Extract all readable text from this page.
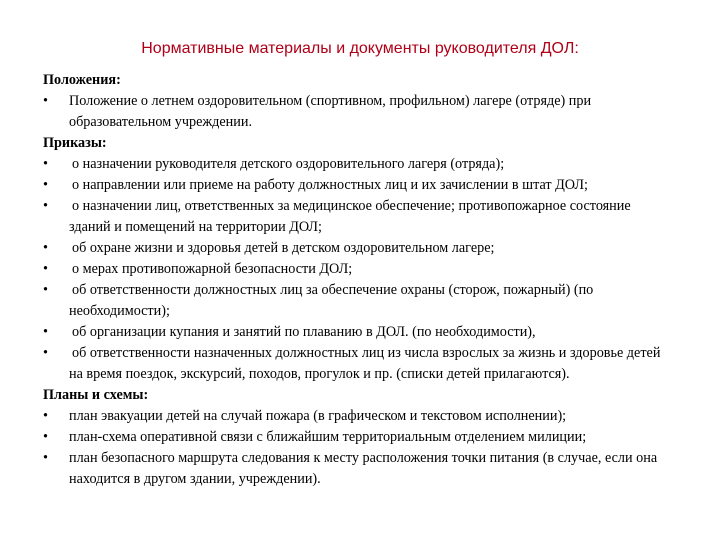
Нормативные материалы и документы руководителя ДОЛ:
Положения:
• Положение о летнем оздоровительном (спортивном, профильном) лагере (отряде) при образовательном учреждении.
Приказы:
• о назначении руководителя детского оздоровительного лагеря (отряда);
• о направлении или приеме на работу должностных лиц и их зачислении в штат ДОЛ;
• о назначении лиц, ответственных за медицинское обеспечение; противопожарное состояние зданий и помещений на территории ДОЛ;
• об охране жизни и здоровья детей в детском оздоровительном лагере;
• о мерах противопожарной безопасности ДОЛ;
• об ответственности должностных лиц за обеспечение охраны (сторож, пожарный) (по необходимости);
• об организации купания и занятий по плаванию в ДОЛ. (по необходимости),
• об ответственности назначенных должностных лиц из числа взрослых за жизнь и здоровье детей на время поездок, экскурсий, походов, прогулок и пр. (списки детей прилагаются).
Планы и схемы:
• план эвакуации детей на случай пожара (в графическом и текстовом исполнении);
• план-схема оперативной связи с ближайшим территориальным отделением милиции;
• план безопасного маршрута следования к месту расположения точки питания (в случае, если она находится в другом здании, учреждении).
